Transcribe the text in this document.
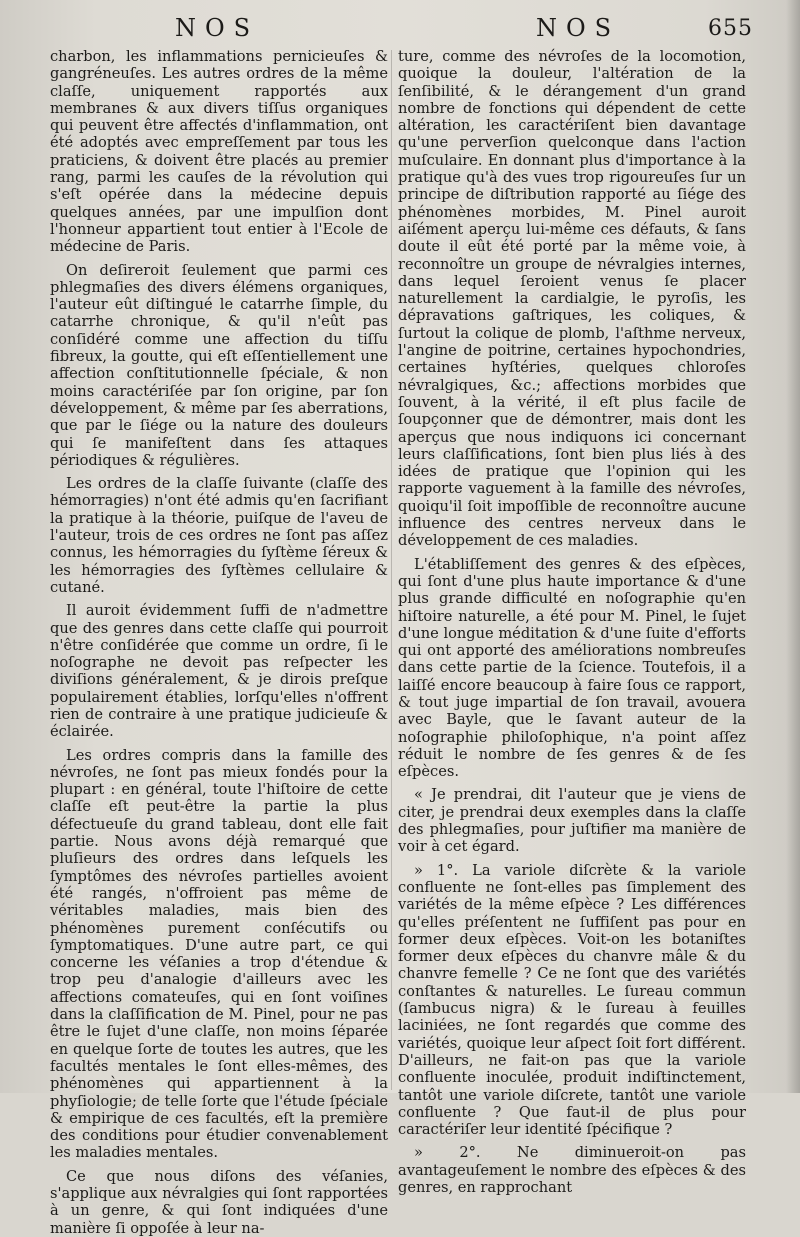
NOS	NOS	655

charbon, les inflammations pernicieuſes & gangréneuſes. Les autres ordres de la même claſſe, uniquement rapportés aux membranes & aux divers tiſſus organiques qui peuvent être affectés d'inflammation, ont été adoptés avec empreſſement par tous les praticiens, & doivent être placés au premier rang, parmi les cauſes de la révolution qui s'eſt opérée dans la médecine depuis quelques années, par une impulſion dont l'honneur appartient tout entier à l'Ecole de médecine de Paris.

On deſireroit ſeulement que parmi ces phlegmaſies des divers élémens organiques, l'auteur eût diſtingué le catarrhe ſimple, du catarrhe chronique, & qu'il n'eût pas conſidéré comme une affection du tiſſu fibreux, la goutte, qui eſt eſſentiellement une affection conſtitutionnelle ſpéciale, & non moins caractériſée par ſon origine, par ſon développement, & même par ſes aberrations, que par le ſiége ou la nature des douleurs qui ſe manifeſtent dans ſes attaques périodiques & régulières.

Les ordres de la claſſe ſuivante (claſſe des hémorragies) n'ont été admis qu'en ſacrifiant la pratique à la théorie, puiſque de l'aveu de l'auteur, trois de ces ordres ne ſont pas aſſez connus, les hémorragies du ſyſtème ſéreux & les hémorragies des ſyſtèmes cellulaire & cutané.

Il auroit évidemment ſuffi de n'admettre que des genres dans cette claſſe qui pourroit n'être conſidérée que comme un ordre, ſi le noſographe ne devoit pas reſpecter les diviſions généralement, & je dirois preſque populairement établies, lorſqu'elles n'offrent rien de contraire à une pratique judicieuſe & éclairée.

Les ordres compris dans la famille des névroſes, ne ſont pas mieux fondés pour la plupart : en général, toute l'hiſtoire de cette claſſe eſt peut-être la partie la plus défectueuſe du grand tableau, dont elle fait partie. Nous avons déjà remarqué que pluſieurs des ordres dans leſquels les ſymptômes des névroſes partielles avoient été rangés, n'offroient pas même de véritables maladies, mais bien des phénomènes purement conſécutifs ou ſymptomatiques. D'une autre part, ce qui concerne les véſanies a trop d'étendue & trop peu d'analogie d'ailleurs avec les affections comateuſes, qui en ſont voiſines dans la claſſification de M. Pinel, pour ne pas être le ſujet d'une claſſe, non moins ſéparée en quelque ſorte de toutes les autres, que les facultés mentales le ſont elles-mêmes, des phénomènes qui appartiennent à la phyſiologie; de telle ſorte que l'étude ſpéciale & empirique de ces facultés, eſt la première des conditions pour étudier convenablement les maladies mentales.

Ce que nous diſons des véſanies, s'applique aux névralgies qui ſont rapportées à un genre, & qui ſont indiquées d'une manière ſi oppoſée à leur na-

ture, comme des névroſes de la locomotion, quoique la douleur, l'altération de la ſenſibilité, & le dérangement d'un grand nombre de fonctions qui dépendent de cette altération, les caractériſent bien davantage qu'une perverſion quelconque dans l'action muſculaire. En donnant plus d'importance à la pratique qu'à des vues trop rigoureuſes ſur un principe de diſtribution rapporté au ſiége des phénomènes morbides, M. Pinel auroit aiſément aperçu lui-même ces défauts, & ſans doute il eût été porté par la même voie, à reconnoître un groupe de névralgies internes, dans lequel ſeroient venus ſe placer naturellement la cardialgie, le pyroſis, les dépravations gaſtriques, les coliques, & ſurtout la colique de plomb, l'aſthme nerveux, l'angine de poitrine, certaines hypochondries, certaines hyſtéries, quelques chloroſes névralgiques, &c.; affections morbides que ſouvent, à la vérité, il eſt plus facile de ſoupçonner que de démontrer, mais dont les aperçus que nous indiquons ici concernant leurs claſſifications, ſont bien plus liés à des idées de pratique que l'opinion qui les rapporte vaguement à la famille des névroſes, quoiqu'il ſoit impoſſible de reconnoître aucune influence des centres nerveux dans le développement de ces maladies.

L'établiſſement des genres & des eſpèces, qui ſont d'une plus haute importance & d'une plus grande difficulté en noſographie qu'en hiſtoire naturelle, a été pour M. Pinel, le ſujet d'une longue méditation & d'une ſuite d'efforts qui ont apporté des améliorations nombreuſes dans cette partie de la ſcience. Toutefois, il a laiſſé encore beaucoup à faire ſous ce rapport, & tout juge impartial de ſon travail, avouera avec Bayle, que le ſavant auteur de la noſographie philoſophique, n'a point aſſez réduit le nombre de ſes genres & de ſes eſpèces.

« Je prendrai, dit l'auteur que je viens de citer, je prendrai deux exemples dans la claſſe des phlegmaſies, pour juſtifier ma manière de voir à cet égard.

» 1°. La variole diſcrète & la variole confluente ne ſont-elles pas ſimplement des variétés de la même eſpèce ? Les différences qu'elles préſentent ne ſuffiſent pas pour en former deux eſpèces. Voit-on les botaniſtes former deux eſpèces du chanvre mâle & du chanvre femelle ? Ce ne ſont que des variétés conſtantes & naturelles. Le ſureau commun (ſambucus nigra) & le ſureau à feuilles laciniées, ne ſont regardés que comme des variétés, quoique leur aſpect ſoit fort différent. D'ailleurs, ne fait-on pas que la variole confluente inoculée, produit indiſtinctement, tantôt une variole diſcrete, tantôt une variole confluente ? Que faut-il de plus pour caractériſer leur identité ſpécifique ?

» 2°. Ne diminueroit-on pas avantageuſement le nombre des eſpèces & des genres, en rapprochant
